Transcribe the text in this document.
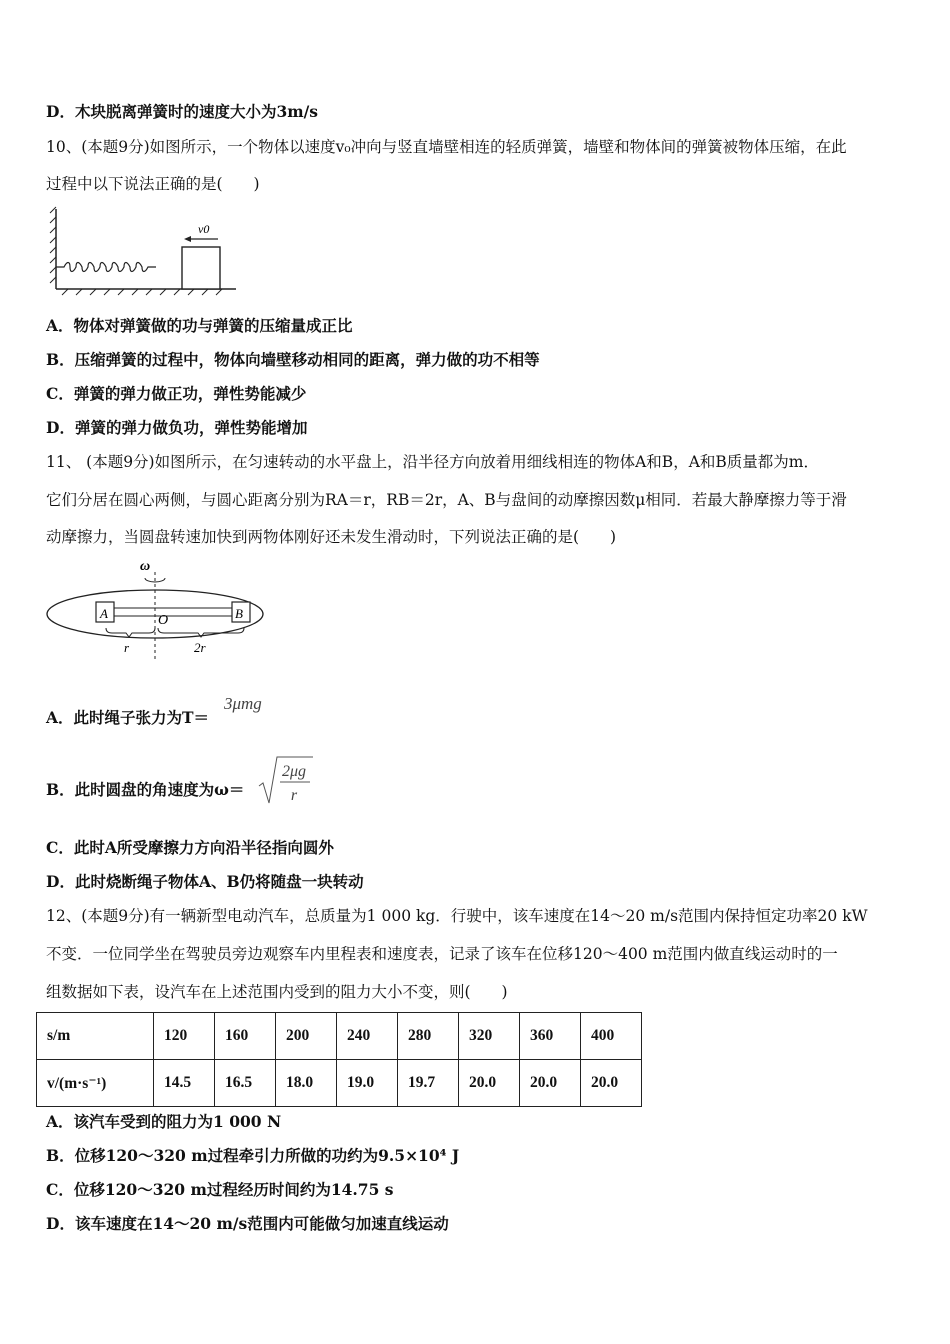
D．木块脱离弹簧时的速度大小为3m/s
10、(本题9分)如图所示，一个物体以速度v₀冲向与竖直墙壁相连的轻质弹簧，墙壁和物体间的弹簧被物体压缩，在此
过程中以下说法正确的是(　　)
v0
A．物体对弹簧做的功与弹簧的压缩量成正比
B．压缩弹簧的过程中，物体向墙壁移动相同的距离，弹力做的功不相等
C．弹簧的弹力做正功，弹性势能减少
D．弹簧的弹力做负功，弹性势能增加
11、 (本题9分)如图所示，在匀速转动的水平盘上，沿半径方向放着用细线相连的物体A和B，A和B质量都为m．
它们分居在圆心两侧，与圆心距离分别为RA＝r，RB＝2r，A、B与盘间的动摩擦因数μ相同．若最大静摩擦力等于滑
动摩擦力，当圆盘转速加快到两物体刚好还未发生滑动时，下列说法正确的是(　　)
ω
A	B
O
r	2r
A．此时绳子张力为T＝
3μmg
B．此时圆盘的角速度为ω＝
2μg
r
C．此时A所受摩擦力方向沿半径指向圆外
D．此时烧断绳子物体A、B仍将随盘一块转动
12、(本题9分)有一辆新型电动汽车，总质量为1 000 kg．行驶中，该车速度在14～20 m/s范围内保持恒定功率20 kW
不变．一位同学坐在驾驶员旁边观察车内里程表和速度表，记录了该车在位移120～400 m范围内做直线运动时的一
组数据如下表，设汽车在上述范围内受到的阻力大小不变，则(　　)
s/m	120	160	200	240	280	320	360	400
v/(m·s⁻¹)	14.5	16.5	18.0	19.0	19.7	20.0	20.0	20.0
A．该汽车受到的阻力为1 000 N
B．位移120～320 m过程牵引力所做的功约为9.5×10⁴ J
C．位移120～320 m过程经历时间约为14.75 s
D．该车速度在14～20 m/s范围内可能做匀加速直线运动
